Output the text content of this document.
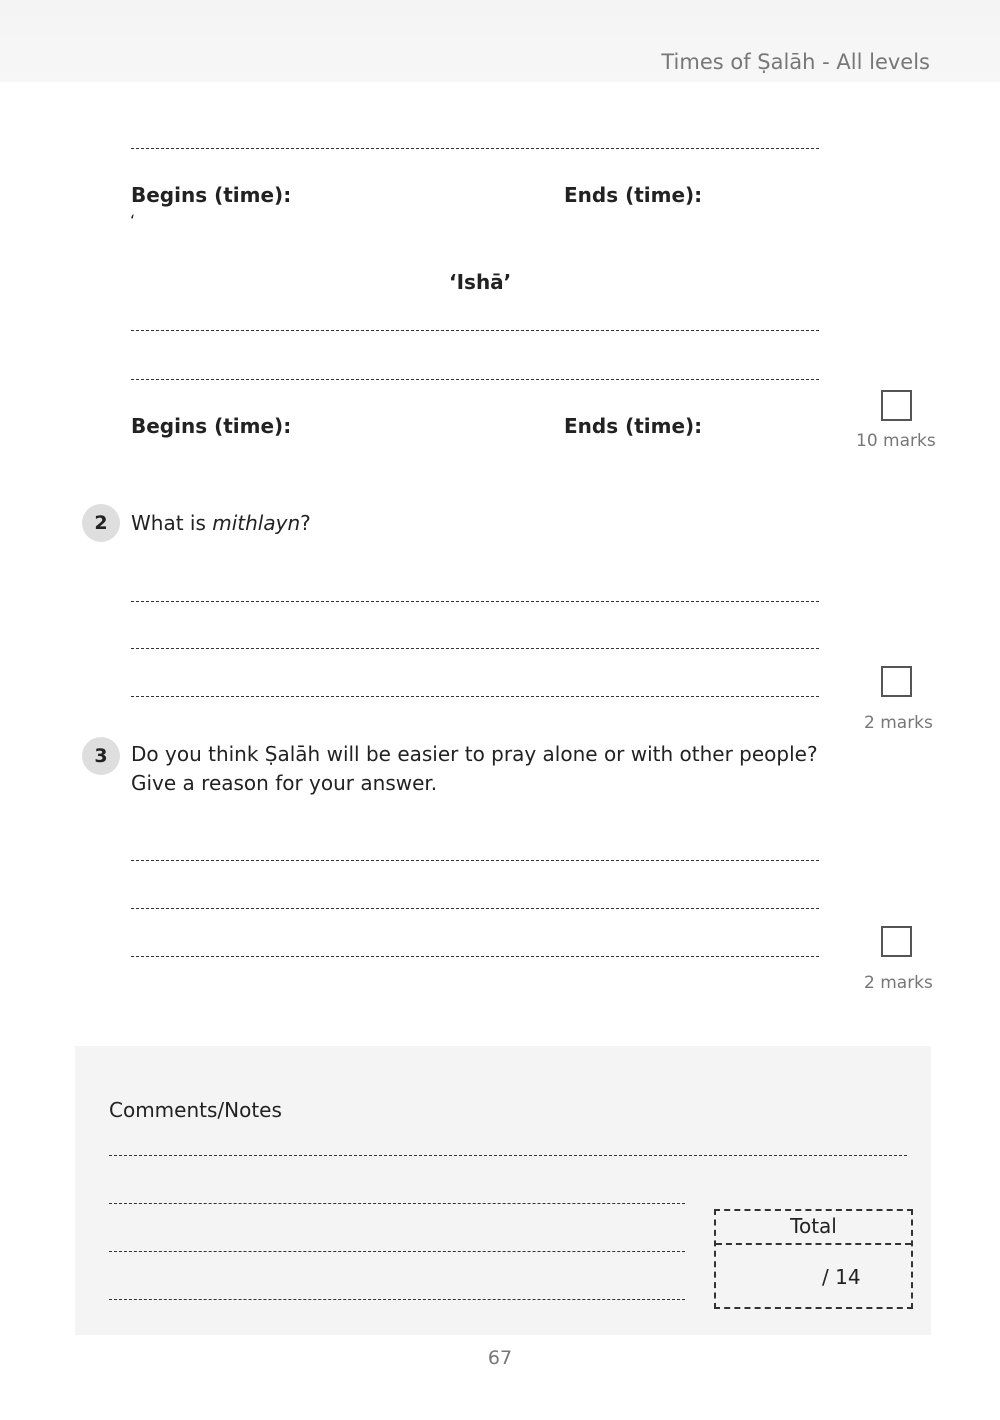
Times of Ṣalāh - All levels
Begins (time):	Ends (time):
‘
‘Ishā’
Begins (time):	Ends (time):
10 marks
2	What is mithlayn?
2 marks
3	Do you think Ṣalāh will be easier to pray alone or with other people?
Give a reason for your answer.
2 marks
Comments/Notes
Total
/ 14
67
